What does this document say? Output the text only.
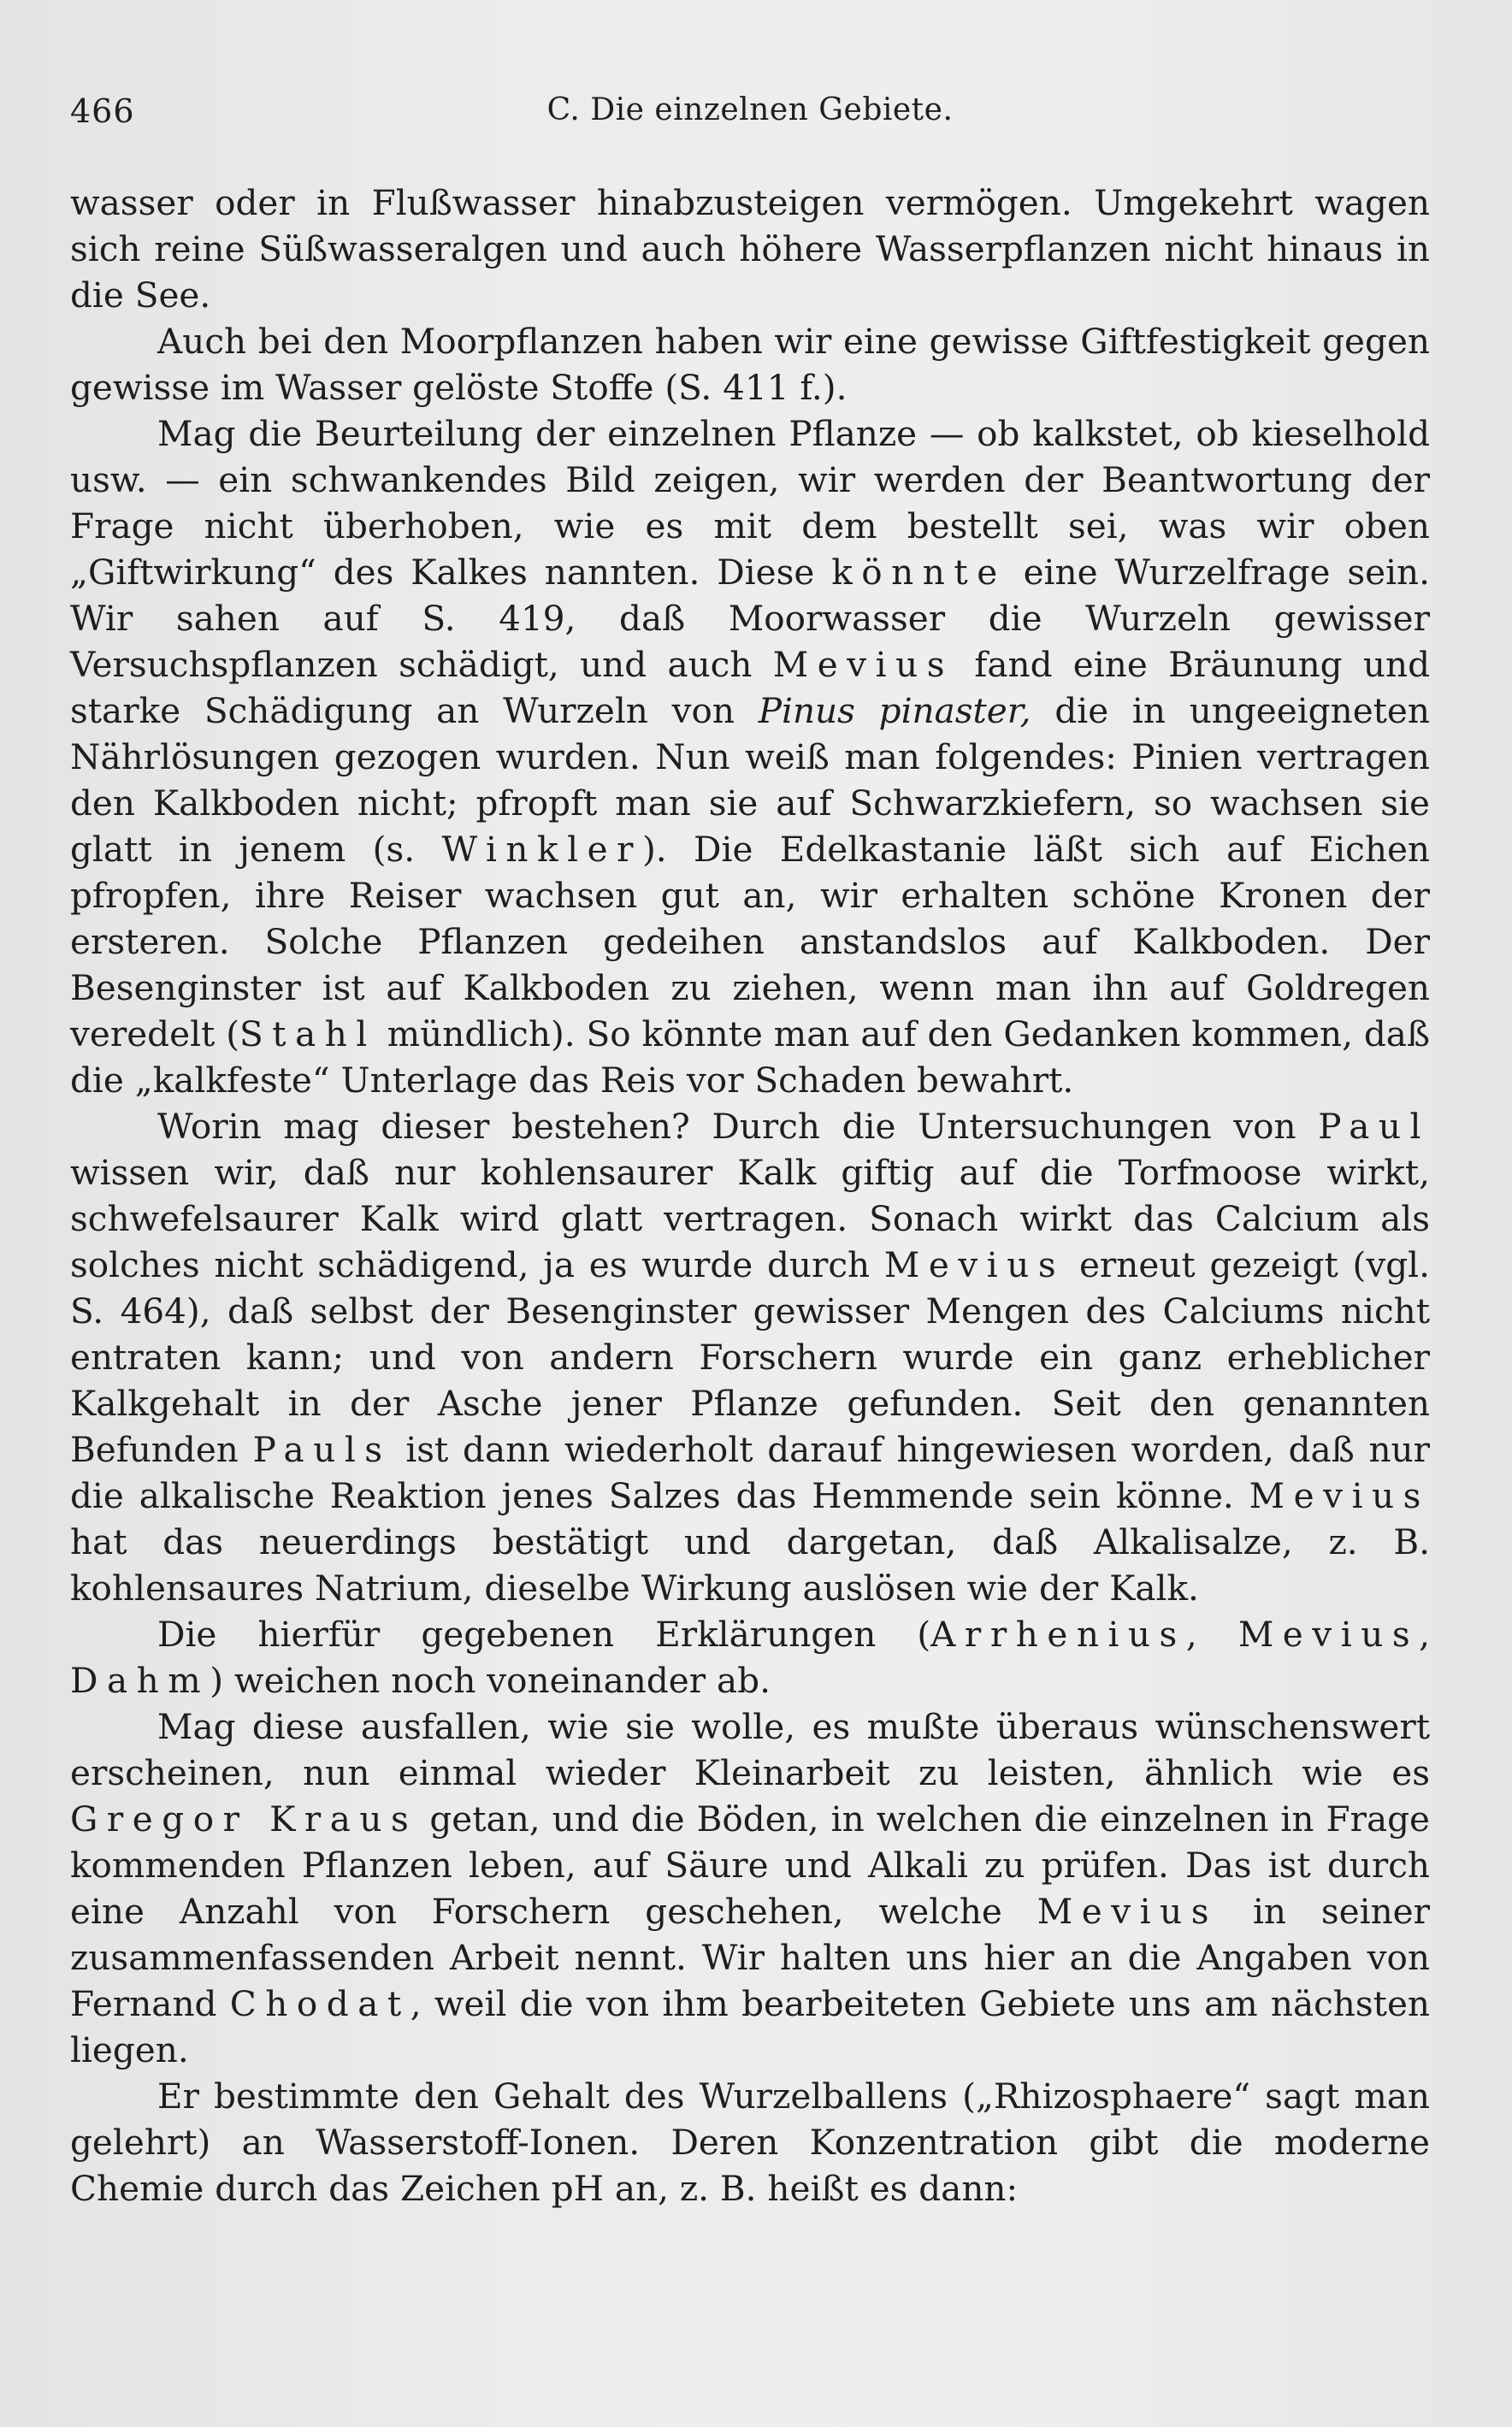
466	C. Die einzelnen Gebiete.

wasser oder in Flußwasser hinabzusteigen vermögen. Umgekehrt wagen sich reine Süßwasseralgen und auch höhere Wasserpflanzen nicht hinaus in die See.

Auch bei den Moorpflanzen haben wir eine gewisse Giftfestigkeit gegen gewisse im Wasser gelöste Stoffe (S. 411 f.).

Mag die Beurteilung der einzelnen Pflanze — ob kalkstet, ob kieselhold usw. — ein schwankendes Bild zeigen, wir werden der Beantwortung der Frage nicht überhoben, wie es mit dem bestellt sei, was wir oben „Giftwirkung“ des Kalkes nannten. Diese könnte eine Wurzelfrage sein. Wir sahen auf S. 419, daß Moorwasser die Wurzeln gewisser Versuchspflanzen schädigt, und auch Mevius fand eine Bräunung und starke Schädigung an Wurzeln von Pinus pinaster, die in ungeeigneten Nährlösungen gezogen wurden. Nun weiß man folgendes: Pinien vertragen den Kalkboden nicht; pfropft man sie auf Schwarzkiefern, so wachsen sie glatt in jenem (s. Winkler). Die Edelkastanie läßt sich auf Eichen pfropfen, ihre Reiser wachsen gut an, wir erhalten schöne Kronen der ersteren. Solche Pflanzen gedeihen anstandslos auf Kalkboden. Der Besenginster ist auf Kalkboden zu ziehen, wenn man ihn auf Goldregen veredelt (Stahl mündlich). So könnte man auf den Gedanken kommen, daß die „kalkfeste“ Unterlage das Reis vor Schaden bewahrt.

Worin mag dieser bestehen? Durch die Untersuchungen von Paul wissen wir, daß nur kohlensaurer Kalk giftig auf die Torfmoose wirkt, schwefelsaurer Kalk wird glatt vertragen. Sonach wirkt das Calcium als solches nicht schädigend, ja es wurde durch Mevius erneut gezeigt (vgl. S. 464), daß selbst der Besenginster gewisser Mengen des Calciums nicht entraten kann; und von andern Forschern wurde ein ganz erheblicher Kalkgehalt in der Asche jener Pflanze gefunden. Seit den genannten Befunden Pauls ist dann wiederholt darauf hingewiesen worden, daß nur die alkalische Reaktion jenes Salzes das Hemmende sein könne. Mevius hat das neuerdings bestätigt und dargetan, daß Alkalisalze, z. B. kohlensaures Natrium, dieselbe Wirkung auslösen wie der Kalk.

Die hierfür gegebenen Erklärungen (Arrhenius, Mevius, Dahm) weichen noch voneinander ab.

Mag diese ausfallen, wie sie wolle, es mußte überaus wünschenswert erscheinen, nun einmal wieder Kleinarbeit zu leisten, ähnlich wie es Gregor Kraus getan, und die Böden, in welchen die einzelnen in Frage kommenden Pflanzen leben, auf Säure und Alkali zu prüfen. Das ist durch eine Anzahl von Forschern geschehen, welche Mevius in seiner zusammenfassenden Arbeit nennt. Wir halten uns hier an die Angaben von Fernand Chodat, weil die von ihm bearbeiteten Gebiete uns am nächsten liegen.

Er bestimmte den Gehalt des Wurzelballens („Rhizosphaere“ sagt man gelehrt) an Wasserstoff-Ionen. Deren Konzentration gibt die moderne Chemie durch das Zeichen pH an, z. B. heißt es dann:
